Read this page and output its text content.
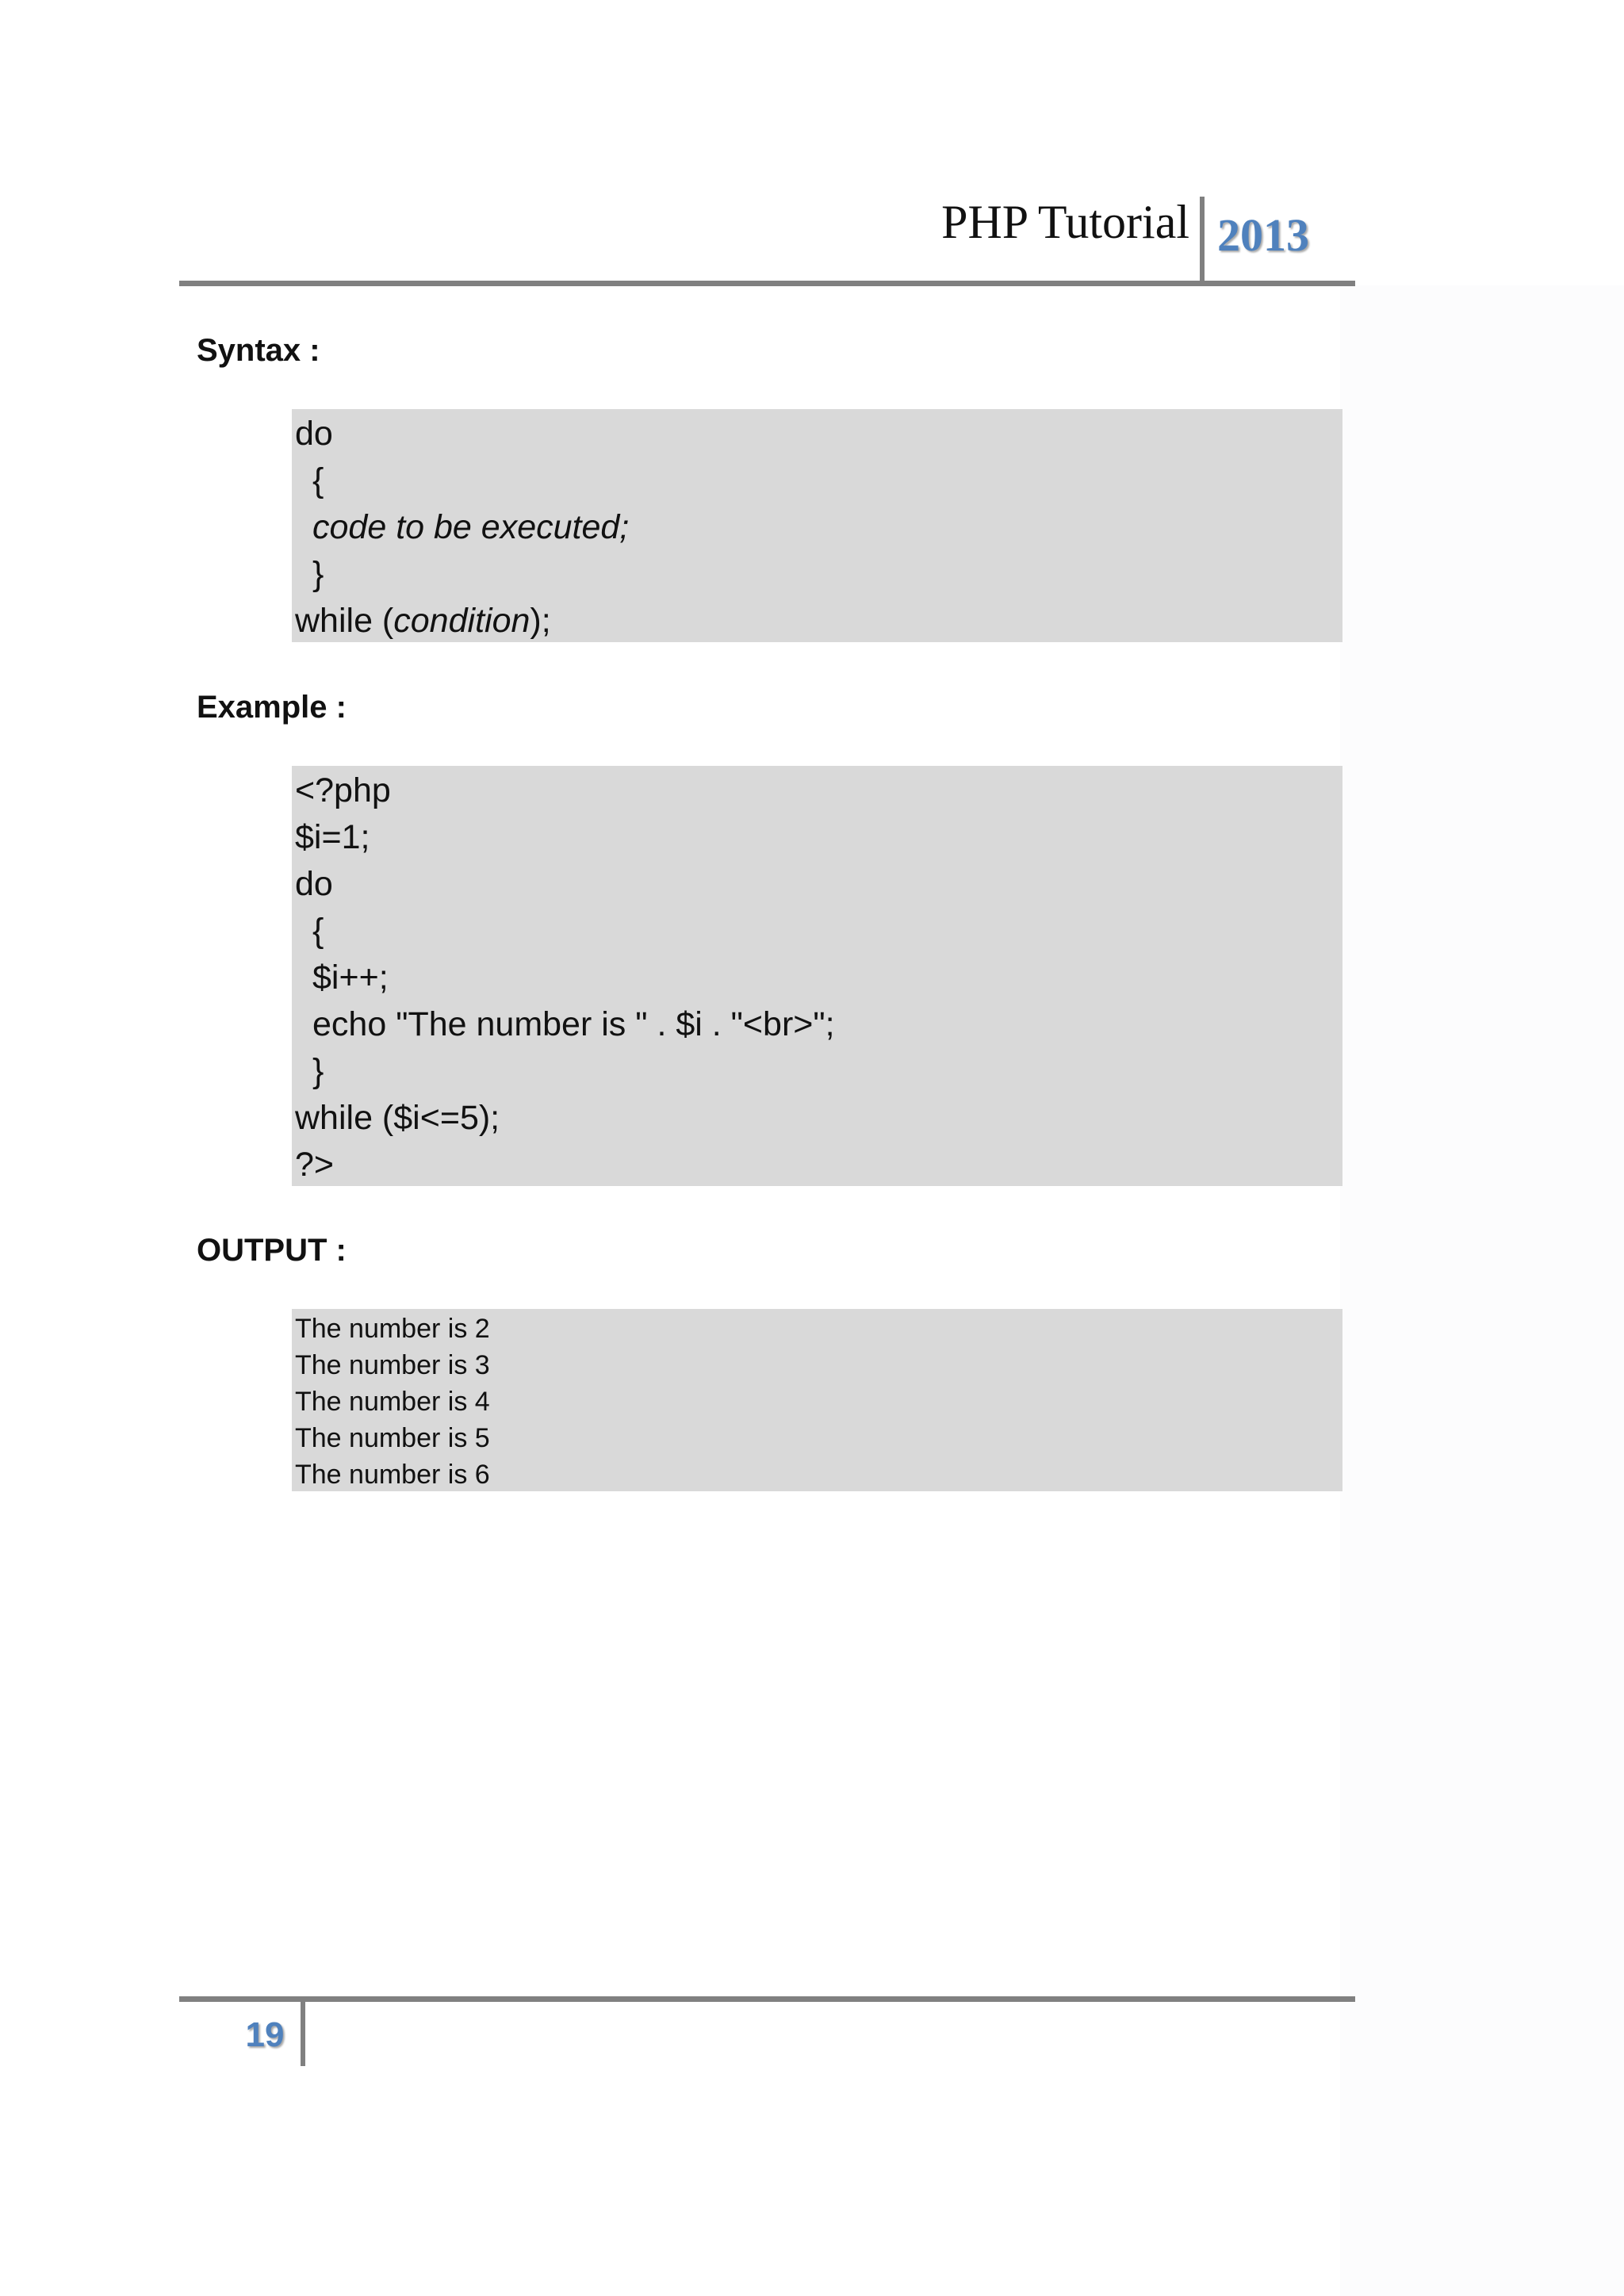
PHP Tutorial 2013
Syntax :
do
{
code to be executed;
}
while (condition);
Example :
<?php
$i=1;
do
{
$i++;
echo "The number is " . $i . "<br>";
}
while ($i<=5);
?>
OUTPUT :
The number is 2
The number is 3
The number is 4
The number is 5
The number is 6
19
